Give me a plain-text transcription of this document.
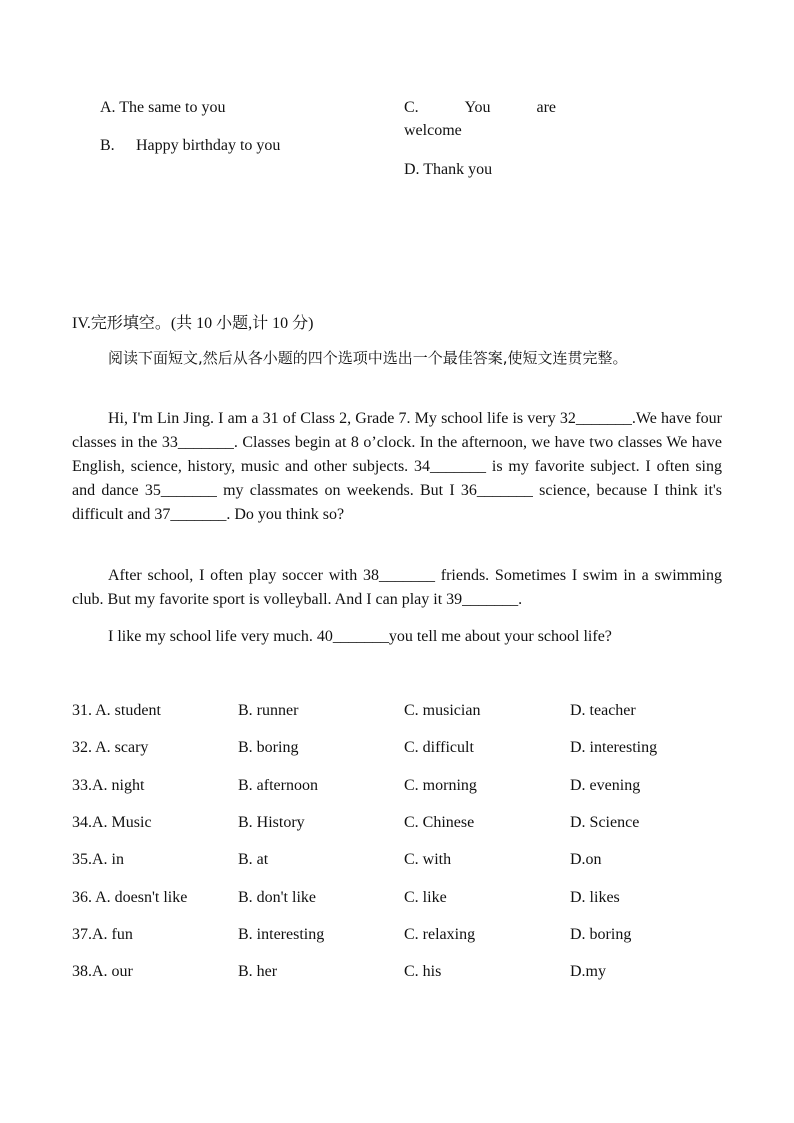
A. The same to you
B. Happy birthday to you
C.	You	are
welcome
D. Thank you
IV.完形填空。(共 10 小题,计 10 分)
阅读下面短文,然后从各小题的四个选项中选出一个最佳答案,使短文连贯完整。
Hi, I'm Lin Jing. I am a 31 of Class 2, Grade 7. My school life is very 32_______.We have four classes in the 33_______. Classes begin at 8 o’clock. In the afternoon, we have two classes We have English, science, history, music and other subjects. 34_______ is my favorite subject. I often sing and dance 35_______ my classmates on weekends. But I 36_______ science, because I think it's difficult and 37_______. Do you think so?
After school, I often play soccer with 38_______ friends. Sometimes I swim in a swimming club. But my favorite sport is volleyball. And I can play it 39_______.
I like my school life very much. 40_______you tell me about your school life?
31. A. student	B. runner	C. musician	D. teacher
32. A. scary	B. boring	C. difficult	D. interesting
33.A. night	B. afternoon	C. morning	D. evening
34.A. Music	B. History	C. Chinese	D. Science
35.A. in	B. at	C. with	D.on
36. A. doesn't like	B. don't like	C. like	D. likes
37.A. fun	B. interesting	C. relaxing	D. boring
38.A. our	B. her	C. his	D.my
